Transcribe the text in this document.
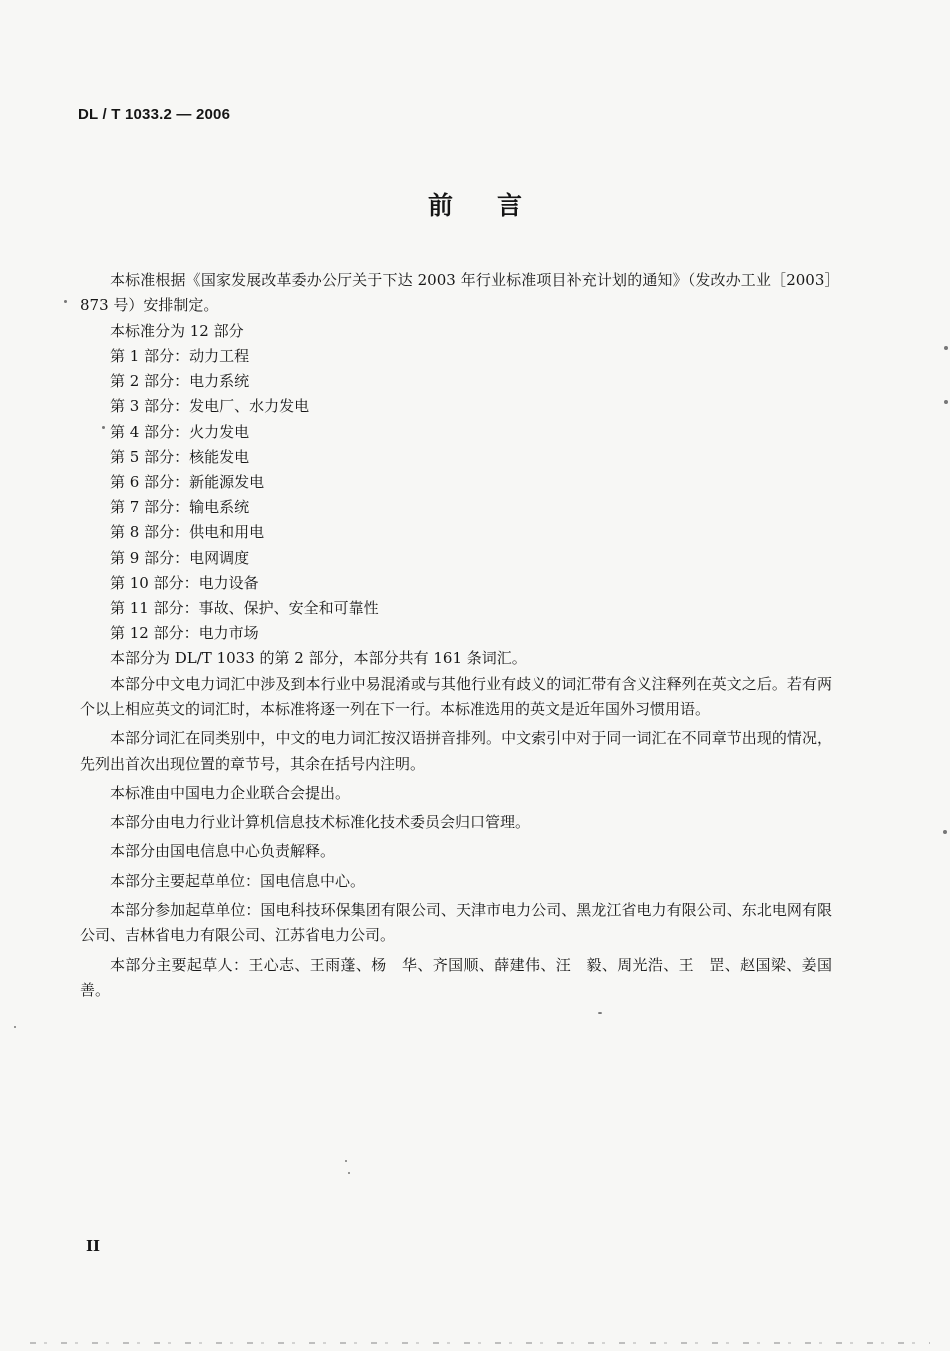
DL / T 1033.2 — 2006
前 言

本标准根据《国家发展改革委办公厅关于下达 2003 年行业标准项目补充计划的通知》（发改办工业［2003］873 号）安排制定。

本标准分为 12 部分

第 1 部分：动力工程
第 2 部分：电力系统
第 3 部分：发电厂、水力发电
第 4 部分：火力发电
第 5 部分：核能发电
第 6 部分：新能源发电
第 7 部分：输电系统
第 8 部分：供电和用电
第 9 部分：电网调度
第 10 部分：电力设备
第 11 部分：事故、保护、安全和可靠性
第 12 部分：电力市场

本部分为 DL/T 1033 的第 2 部分，本部分共有 161 条词汇。

本部分中文电力词汇中涉及到本行业中易混淆或与其他行业有歧义的词汇带有含义注释列在英文之后。若有两个以上相应英文的词汇时，本标准将逐一列在下一行。本标准选用的英文是近年国外习惯用语。

本部分词汇在同类别中，中文的电力词汇按汉语拼音排列。中文索引中对于同一词汇在不同章节出现的情况，先列出首次出现位置的章节号，其余在括号内注明。

本标准由中国电力企业联合会提出。

本部分由电力行业计算机信息技术标准化技术委员会归口管理。

本部分由国电信息中心负责解释。

本部分主要起草单位：国电信息中心。

本部分参加起草单位：国电科技环保集团有限公司、天津市电力公司、黑龙江省电力有限公司、东北电网有限公司、吉林省电力有限公司、江苏省电力公司。

本部分主要起草人：王心志、王雨蓬、杨　华、齐国顺、薛建伟、汪　毅、周光浩、王　罡、赵国梁、姜国善。

II
